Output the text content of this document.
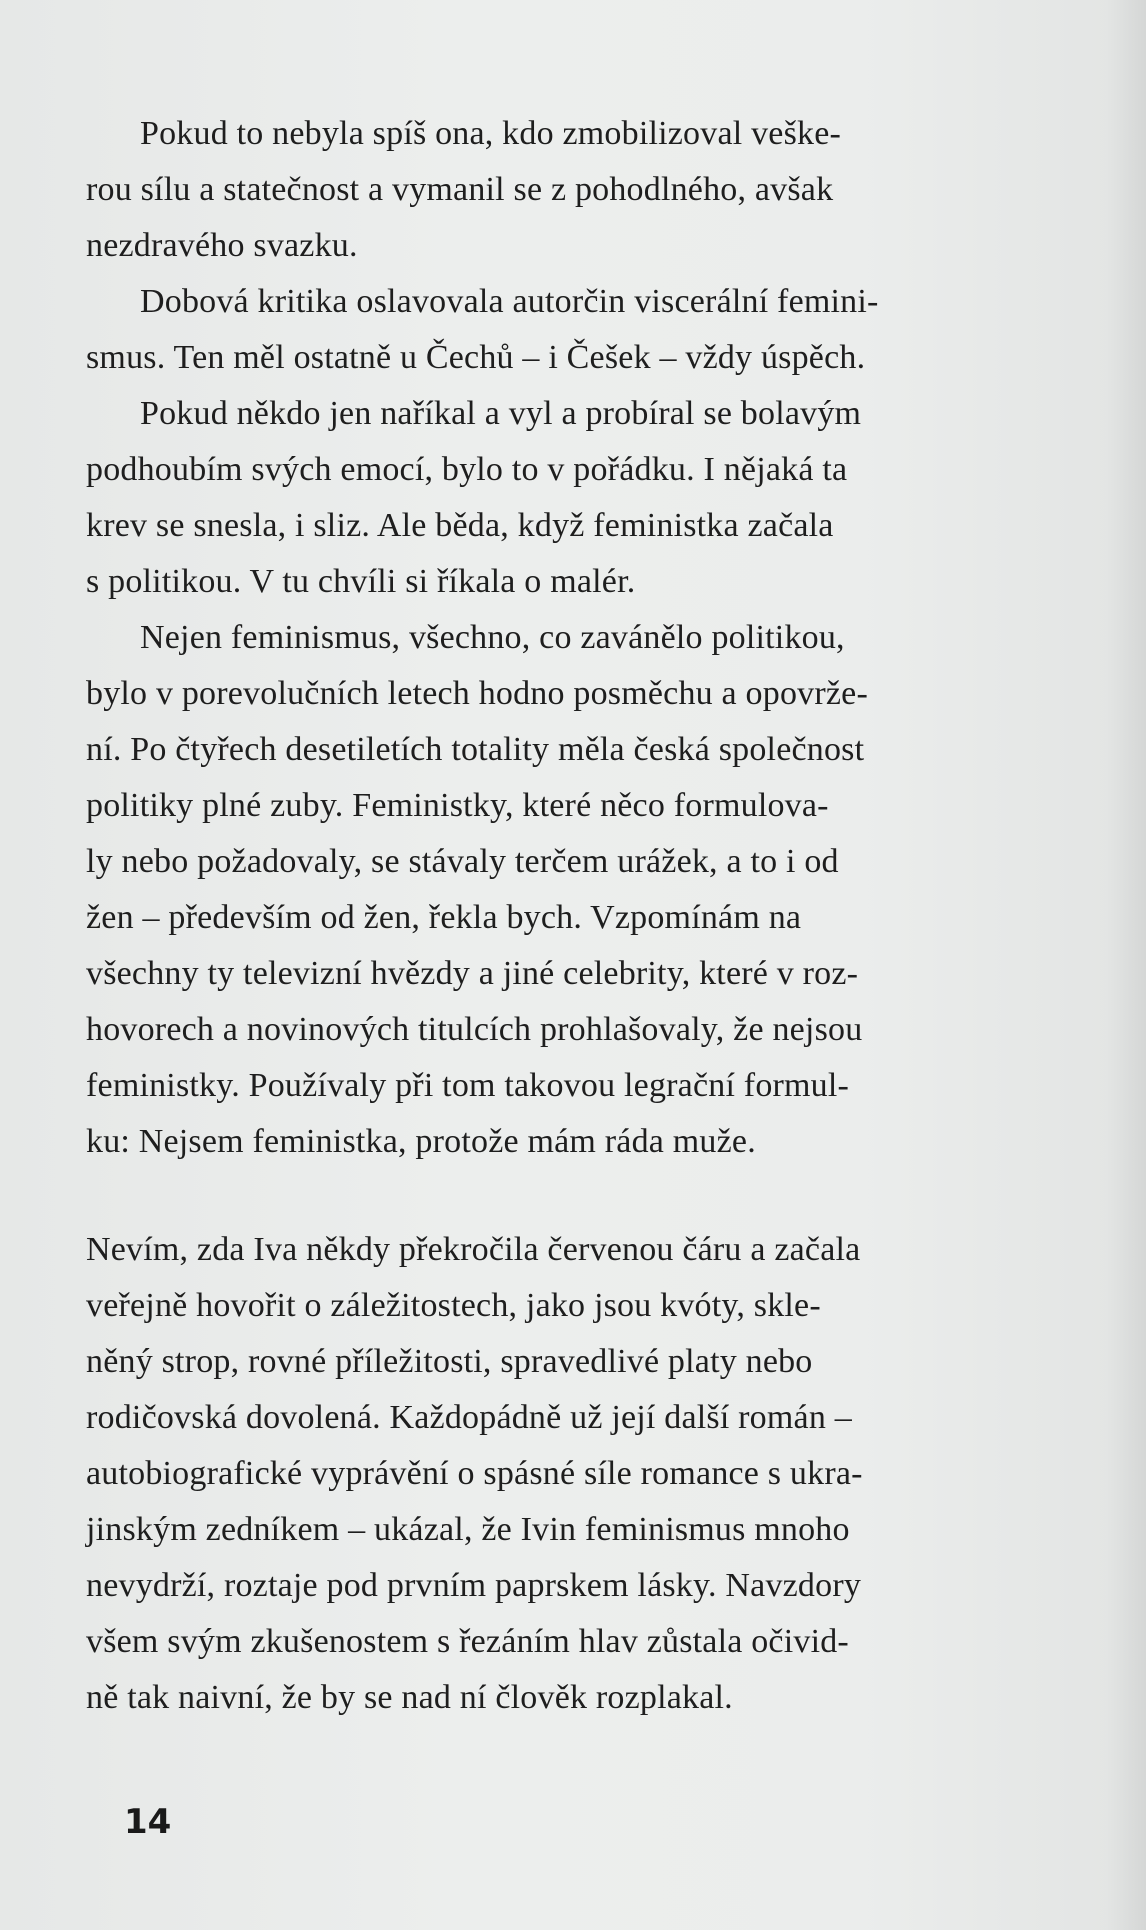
Pokud to nebyla spíš ona, kdo zmobilizoval veške-
rou sílu a statečnost a vymanil se z pohodlného, avšak
nezdravého svazku.
Dobová kritika oslavovala autorčin viscerální femini-
smus. Ten měl ostatně u Čechů – i Češek – vždy úspěch.
Pokud někdo jen naříkal a vyl a probíral se bolavým
podhoubím svých emocí, bylo to v pořádku. I nějaká ta
krev se snesla, i sliz. Ale běda, když feministka začala
s politikou. V tu chvíli si říkala o malér.
Nejen feminismus, všechno, co zavánělo politikou,
bylo v porevolučních letech hodno posměchu a opovrže-
ní. Po čtyřech desetiletích totality měla česká společnost
politiky plné zuby. Feministky, které něco formulova-
ly nebo požadovaly, se stávaly terčem urážek, a to i od
žen – především od žen, řekla bych. Vzpomínám na
všechny ty televizní hvězdy a jiné celebrity, které v roz-
hovorech a novinových titulcích prohlašovaly, že nejsou
feministky. Používaly při tom takovou legrační formul-
ku: Nejsem feministka, protože mám ráda muže.
Nevím, zda Iva někdy překročila červenou čáru a začala
veřejně hovořit o záležitostech, jako jsou kvóty, skle-
něný strop, rovné příležitosti, spravedlivé platy nebo
rodičovská dovolená. Každopádně už její další román –
autobiografické vyprávění o spásné síle romance s ukra-
jinským zedníkem – ukázal, že Ivin feminismus mnoho
nevydrží, roztaje pod prvním paprskem lásky. Navzdory
všem svým zkušenostem s řezáním hlav zůstala očivid-
ně tak naivní, že by se nad ní člověk rozplakal.
14
